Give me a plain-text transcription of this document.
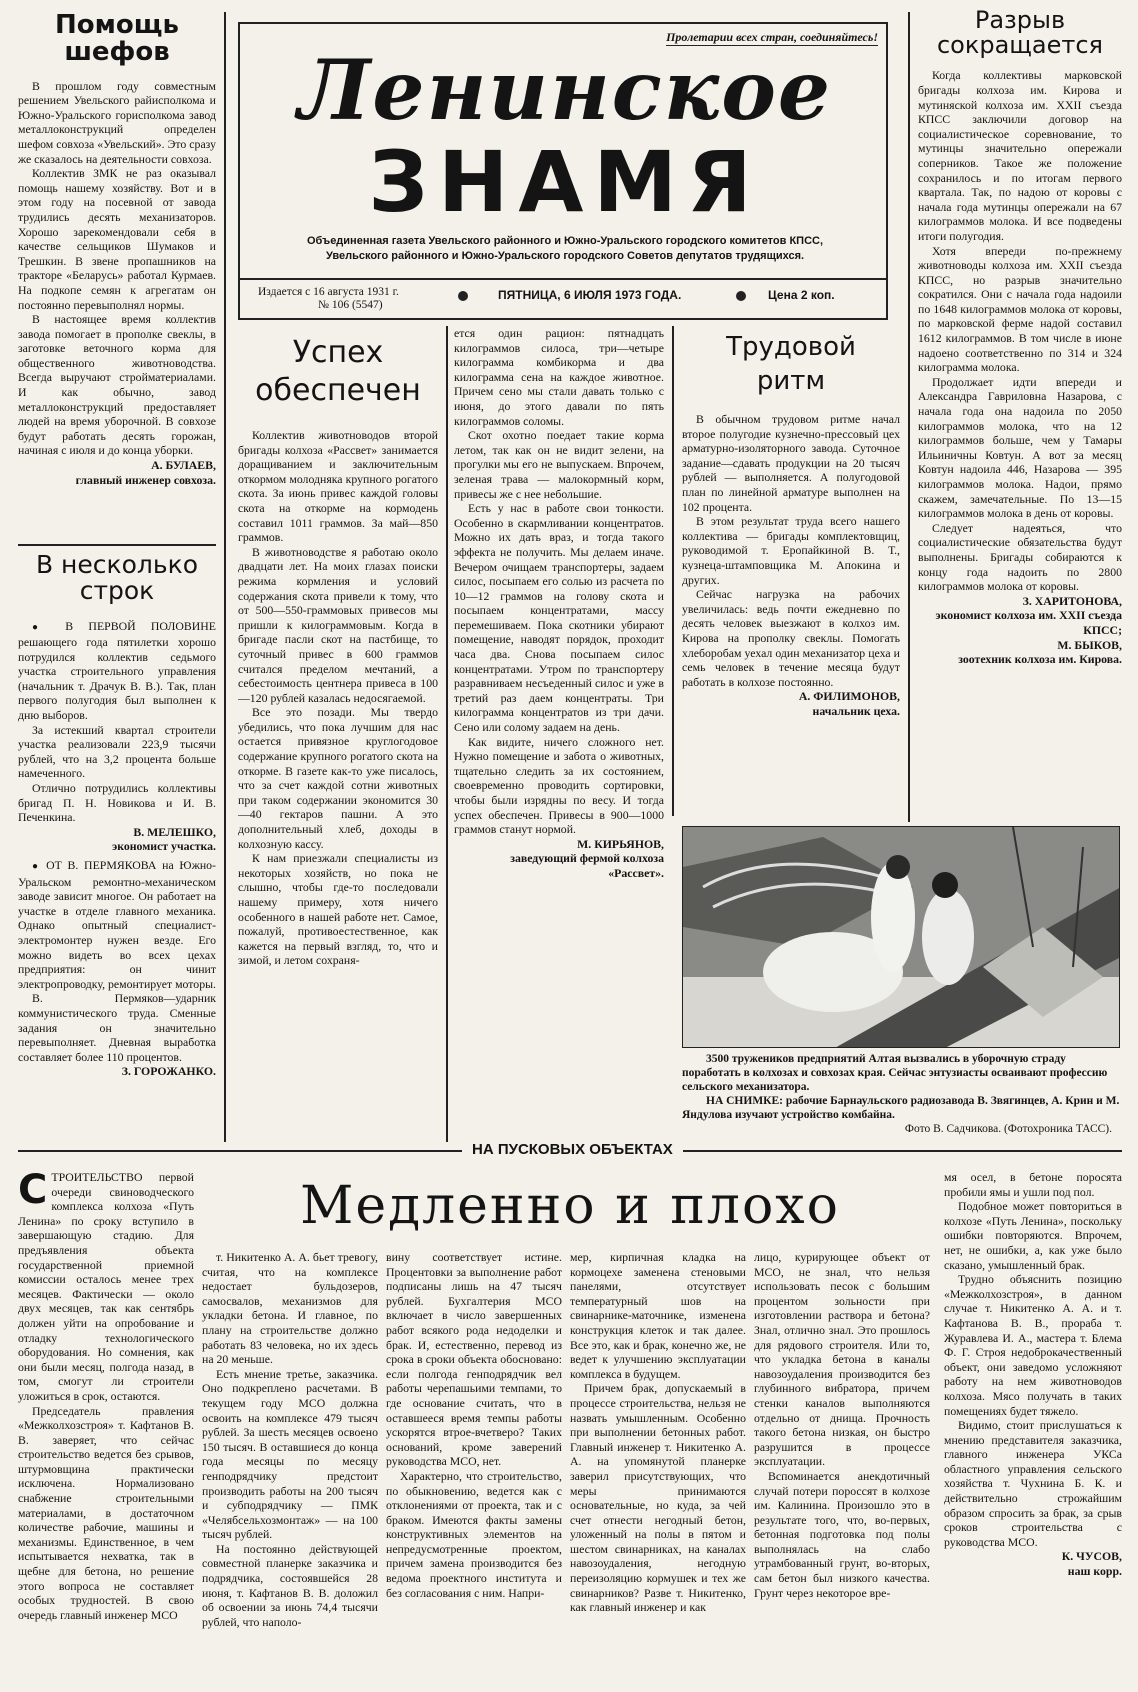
Пролетарии всех стран, соединяйтесь!
Ленинское
ЗНАМЯ
Объединенная газета Увельского районного и Южно-Уральского городского комитетов КПСС,
Увельского районного и Южно-Уральского городского Советов депутатов трудящихся.
Издается с 16 августа 1931 г.
№ 106 (5547)
ПЯТНИЦА, 6 ИЮЛЯ 1973 ГОДА.	Цена 2 коп.
Помощь шефов

В прошлом году совместным решением Увельского райисполкома и Южно-Уральского горисполкома завод металлоконструкций определен шефом совхоза «Увельский». Это сразу же сказалось на деятельности совхоза.

Коллектив ЗМК не раз оказывал помощь нашему хозяйству. Вот и в этом году на посевной от завода трудились десять механизаторов. Хорошо зарекомендовали себя в качестве сельщиков Шумаков и Трешкин. В звене пропашников на тракторе «Беларусь» работал Курмаев. На подкопе семян к агрегатам он постоянно перевыполнял нормы.

В настоящее время коллектив завода помогает в прополке свеклы, в заготовке веточного корма для общественного животноводства. Всегда выручают стройматериалами. И как обычно, завод металлоконструкций предоставляет людей на время уборочной. В совхозе будут работать десять горожан, начиная с июля и до конца уборки.

А. БУЛАЕВ,

главный инженер совхоза.

В несколько строк

● В ПЕРВОЙ ПОЛОВИНЕ решающего года пятилетки хорошо потрудился коллектив седьмого участка строительного управления (начальник т. Драчук В. В.). Так, план первого полугодия был выполнен к дню выборов.

За истекший квартал строители участка реализовали 223,9 тысячи рублей, что на 3,2 процента больше намеченного.

Отлично потрудились коллективы бригад П. Н. Новикова и И. В. Печенкина.

В. МЕЛЕШКО,

экономист участка.

● ОТ В. ПЕРМЯКОВА на Южно-Уральском ремонтно-механическом заводе зависит многое. Он работает на участке в отделе главного механика. Однако опытный специалист-электромонтер нужен везде. Его можно видеть во всех цехах предприятия: он чинит электропроводку, ремонтирует моторы.

В. Пермяков—ударник коммунистического труда. Сменные задания он значительно перевыполняет. Дневная выработка составляет более 110 процентов.

З. ГОРОЖАНКО.

Разрыв сокращается

Когда коллективы марковской бригады колхоза им. Кирова и мутиняской колхоза им. XXII съезда КПСС заключили договор на социалистическое соревнование, то мутинцы значительно опережали соперников. Такое же положение сохранилось и по итогам первого квартала. Так, по надою от коровы с начала года мутинцы опережали на 67 килограммов молока. И все подведены итоги полугодия.

Хотя впереди по-прежнему животноводы колхоза им. XXII съезда КПСС, но разрыв значительно сократился. Они с начала года надоили по 1648 килограммов молока от коровы, по марковской ферме надой составил 1612 килограммов. В том числе в июне надоено соответственно по 314 и 324 килограмма молока.

Продолжает идти впереди и Александра Гавриловна Назарова, с начала года она надоила по 2050 килограммов молока, что на 12 килограммов больше, чем у Тамары Ильиничны Ковтун. А вот за месяц Ковтун надоила 446, Назарова — 395 килограммов молока. Надои, прямо скажем, замечательные. По 13—15 килограммов молока в день от коровы.

Следует надеяться, что социалистические обязательства будут выполнены. Бригады собираются к концу года надоить по 2800 килограммов молока от коровы.

З. ХАРИТОНОВА,

экономист колхоза им. XXII съезда КПСС;

М. БЫКОВ,

зоотехник колхоза им. Кирова.

Успех обеспечен

Коллектив животноводов второй бригады колхоза «Рассвет» занимается доращиванием и заключительным откормом молодняка крупного рогатого скота. За июнь привес каждой головы скота на откорме на кормодень составил 1011 граммов. За май—850 граммов.

В животноводстве я работаю около двадцати лет. На моих глазах поиски режима кормления и условий содержания скота привели к тому, что от 500—550-граммовых привесов мы пришли к килограммовым. Когда в бригаде пасли скот на пастбище, то суточный привес в 600 граммов считался пределом мечтаний, а себестоимость центнера привеса в 100—120 рублей казалась недосягаемой.

Все это позади. Мы твердо убедились, что пока лучшим для нас остается привязное круглогодовое содержание крупного рогатого скота на откорме. В газете как-то уже писалось, что за счет каждой сотни животных при таком содержании экономится 30—40 гектаров пашни. А это дополнительный хлеб, доходы в колхозную кассу.

К нам приезжали специалисты из некоторых хозяйств, но пока не слышно, чтобы где-то последовали нашему примеру, хотя ничего особенного в нашей работе нет. Самое, пожалуй, противоестественное, как кажется на первый взгляд, то, что и зимой, и летом сохраня-

ется один рацион: пятнадцать килограммов силоса, три—четыре килограмма комбикорма и два килограмма сена на каждое животное. Причем сено мы стали давать только с июня, до этого давали по пять килограммов соломы.

Скот охотно поедает такие корма летом, так как он не видит зелени, на прогулки мы его не выпускаем. Впрочем, зеленая трава — малокормный корм, привесы же с нее небольшие.

Есть у нас в работе свои тонкости. Особенно в скармливании концентратов. Можно их дать враз, и тогда такого эффекта не получить. Мы делаем иначе. Вечером очищаем транспортеры, задаем силос, посыпаем его солью из расчета по 10—12 граммов на голову скота и посыпаем концентратами, массу перемешиваем. Пока скотники убирают помещение, наводят порядок, проходит часа два. Снова посыпаем силос концентратами. Утром по транспортеру разравниваем несъеденный силос и уже в третий раз даем концентраты. Три килограмма концентратов из три дачи. Сено или солому задаем на день.

Как видите, ничего сложного нет. Нужно помещение и забота о животных, тщательно следить за их состоянием, своевременно проводить сортировки, чтобы были изрядны по весу. И тогда успех обеспечен. Привесы в 900—1000 граммов станут нормой.

М. КИРЬЯНОВ,

заведующий фермой колхоза «Рассвет».

Трудовой ритм

В обычном трудовом ритме начал второе полугодие кузнечно-прессовый цех арматурно-изоляторного завода. Суточное задание—сдавать продукции на 20 тысяч рублей — выполняется. А полугодовой план по линейной арматуре выполнен на 102 процента.

В этом результат труда всего нашего коллектива — бригады комплектовщиц, руководимой т. Еропайкиной В. Т., кузнеца-штамповщика М. Апокина и других.

Сейчас нагрузка на рабочих увеличилась: ведь почти ежедневно по десять человек выезжают в колхоз им. Кирова на прополку свеклы. Помогать хлеборобам уехал один механизатор цеха и семь человек в течение месяца будут работать в колхозе постоянно.

А. ФИЛИМОНОВ,

начальник цеха.

3500 тружеников предприятий Алтая вызвались в уборочную страду поработать в колхозах и совхозах края. Сейчас энтузиасты осваивают профессию сельского механизатора.
НА СНИМКЕ: рабочие Барнаульского радиозавода В. Звягинцев, А. Крин и М. Яндулова изучают устройство комбайна.
Фото В. Садчикова. (Фотохроника ТАСС).
НА ПУСКОВЫХ ОБЪЕКТАХ
Медленно и плохо
С ТРОИТЕЛЬСТВО первой очереди свиноводческого комплекса колхоза «Путь Ленина» по сроку вступило в завершающую стадию. Для предъявления объекта государственной приемной комиссии осталось менее трех месяцев. Фактически — около двух месяцев, так как сентябрь должен уйти на опробование и отладку технологического оборудования. Но сомнения, как они были месяц, полгода назад, в том, смогут ли строители уложиться в срок, остаются.

Председатель правления «Межколхозстроя» т. Кафтанов В. В. заверяет, что сейчас строительство ведется без срывов, штурмовщина практически исключена. Нормализовано снабжение строительными материалами, в достаточном количестве рабочие, машины и механизмы. Единственное, в чем испытывается нехватка, так в щебне для бетона, но решение этого вопроса не составляет особых трудностей. В свою очередь главный инженер МСО

т. Никитенко А. А. бьет тревогу, считая, что на комплексе недостает бульдозеров, самосвалов, механизмов для укладки бетона. И главное, по плану на строительстве должно работать 83 человека, но их здесь на 20 меньше.

Есть мнение третье, заказчика. Оно подкреплено расчетами. В текущем году МСО должна освоить на комплексе 479 тысяч рублей. За шесть месяцев освоено 150 тысяч. В оставшиеся до конца года месяцы по месяцу генподрядчику предстоит производить работы на 200 тысяч и субподрядчику — ПМК «Челябсельхозмонтаж» — на 100 тысяч рублей.

На постоянно действующей совместной планерке заказчика и подрядчика, состоявшейся 28 июня, т. Кафтанов В. В. доложил об освоении за июнь 74,4 тысячи рублей, что наполо-

вину соответствует истине. Процентовки за выполнение работ подписаны лишь на 47 тысяч рублей. Бухгалтерия МСО включает в число завершенных работ всякого рода недоделки и брак. И, естественно, перевод из срока в сроки объекта обосновано: если полгода генподрядчик вел работы черепашьими темпами, то где основание считать, что в оставшееся время темпы работы ускорятся втрое-вчетверо? Таких оснований, кроме заверений руководства МСО, нет.

Характерно, что строительство, по обыкновению, ведется как с отклонениями от проекта, так и с браком. Имеются факты замены конструктивных элементов на непредусмотренные проектом, причем замена производится без ведома проектного института и без согласования с ним. Напри-

мер, кирпичная кладка на кормоцехе заменена стеновыми панелями, отсутствует температурный шов на свинарнике-маточнике, изменена конструкция клеток и так далее. Все это, как и брак, конечно же, не ведет к улучшению эксплуатации комплекса в будущем.

Причем брак, допускаемый в процессе строительства, нельзя не назвать умышленным. Особенно при выполнении бетонных работ. Главный инженер т. Никитенко А. А. на упомянутой планерке заверил присутствующих, что меры принимаются основательные, но куда, за чей счет отнести негодный бетон, уложенный на полы в пятом и шестом свинарниках, на каналах навозоудаления, негодную переизоляцию кормушек и тех же свинарников? Разве т. Никитенко, как главный инженер и как

лицо, курирующее объект от МСО, не знал, что нельзя использовать песок с большим процентом зольности при изготовлении раствора и бетона? Знал, отлично знал. Это прошлось для рядового строителя. Или то, что укладка бетона в каналы навозоудаления производится без глубинного вибратора, причем стенки каналов выполняются отдельно от днища. Прочность такого бетона низкая, он быстро разрушится в процессе эксплуатации.

Вспоминается анекдотичный случай потери пороссят в колхозе им. Калинина. Произошло это в результате того, что, во-первых, бетонная подготовка под полы выполнялась на слабо утрамбованный грунт, во-вторых, сам бетон был низкого качества. Грунт через некоторое вре-

мя осел, в бетоне поросята пробили ямы и ушли под пол.

Подобное может повториться в колхозе «Путь Ленина», поскольку ошибки повторяются. Впрочем, нет, не ошибки, а, как уже было сказано, умышленный брак.

Трудно объяснить позицию «Межколхозстроя», в данном случае т. Никитенко А. А. и т. Кафтанова В. В., прораба т. Журавлева И. А., мастера т. Блема Ф. Г. Строя недоброкачественный объект, они заведомо усложняют работу на нем животноводов колхоза. Мясо получать в таких помещениях будет тяжело.

Видимо, стоит прислушаться к мнению представителя заказчика, главного инженера УКСа областного управления сельского хозяйства т. Чухнина Б. К. и действительно строжайшим образом спросить за брак, за срыв сроков строительства с руководства МСО.

К. ЧУСОВ,

наш корр.
